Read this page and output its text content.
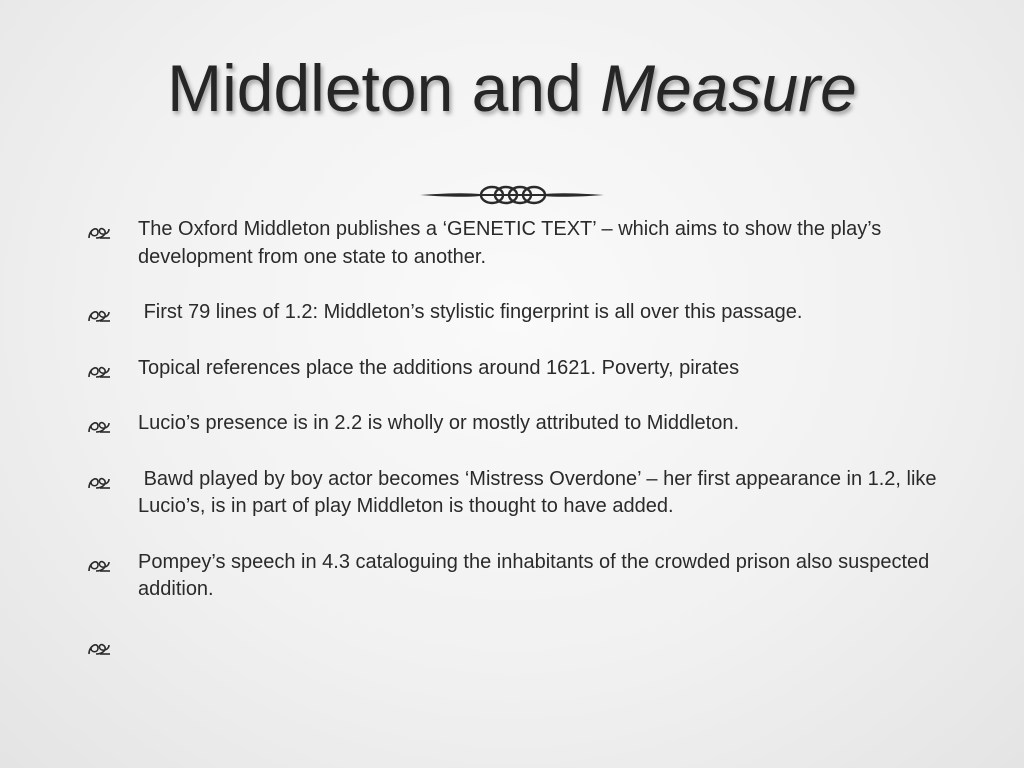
Middleton and Measure
The Oxford Middleton publishes a ‘GENETIC TEXT’ – which aims to show the play’s development from one state to another.
First 79 lines of 1.2: Middleton’s stylistic fingerprint is all over this passage.
Topical references place the additions around 1621. Poverty, pirates
Lucio’s presence is in 2.2 is wholly or mostly attributed to Middleton.
Bawd played by boy actor becomes ‘Mistress Overdone’ – her first appearance in 1.2, like Lucio’s, is in part of play Middleton is thought to have added.
Pompey’s speech in 4.3 cataloguing the inhabitants of the crowded prison also suspected addition.
